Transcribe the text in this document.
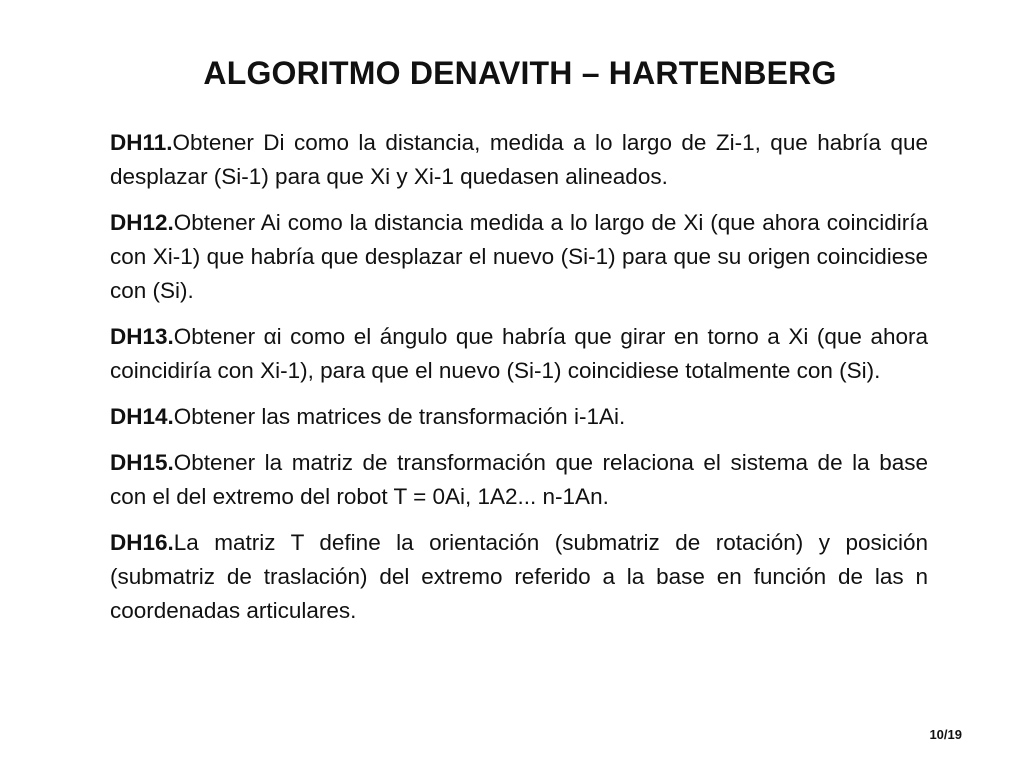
ALGORITMO DENAVITH – HARTENBERG

DH11.Obtener Di como la distancia, medida a lo largo de Zi-1, que habría que desplazar (Si-1) para que Xi y Xi-1 quedasen alineados.

DH12.Obtener Ai como la distancia medida a lo largo de Xi (que ahora coincidiría con Xi-1) que habría que desplazar el nuevo (Si-1) para que su origen coincidiese con (Si).

DH13.Obtener αi como el ángulo que habría que girar en torno a Xi (que ahora coincidiría con Xi-1), para que el nuevo (Si-1) coincidiese totalmente con (Si).

DH14.Obtener las matrices de transformación i-1Ai.

DH15.Obtener la matriz de transformación que relaciona el sistema de la base con el del extremo del robot T = 0Ai, 1A2... n-1An.

DH16.La matriz T define la orientación (submatriz de rotación) y posición (submatriz de traslación) del extremo referido a la base en función de las n coordenadas articulares.

10/19
